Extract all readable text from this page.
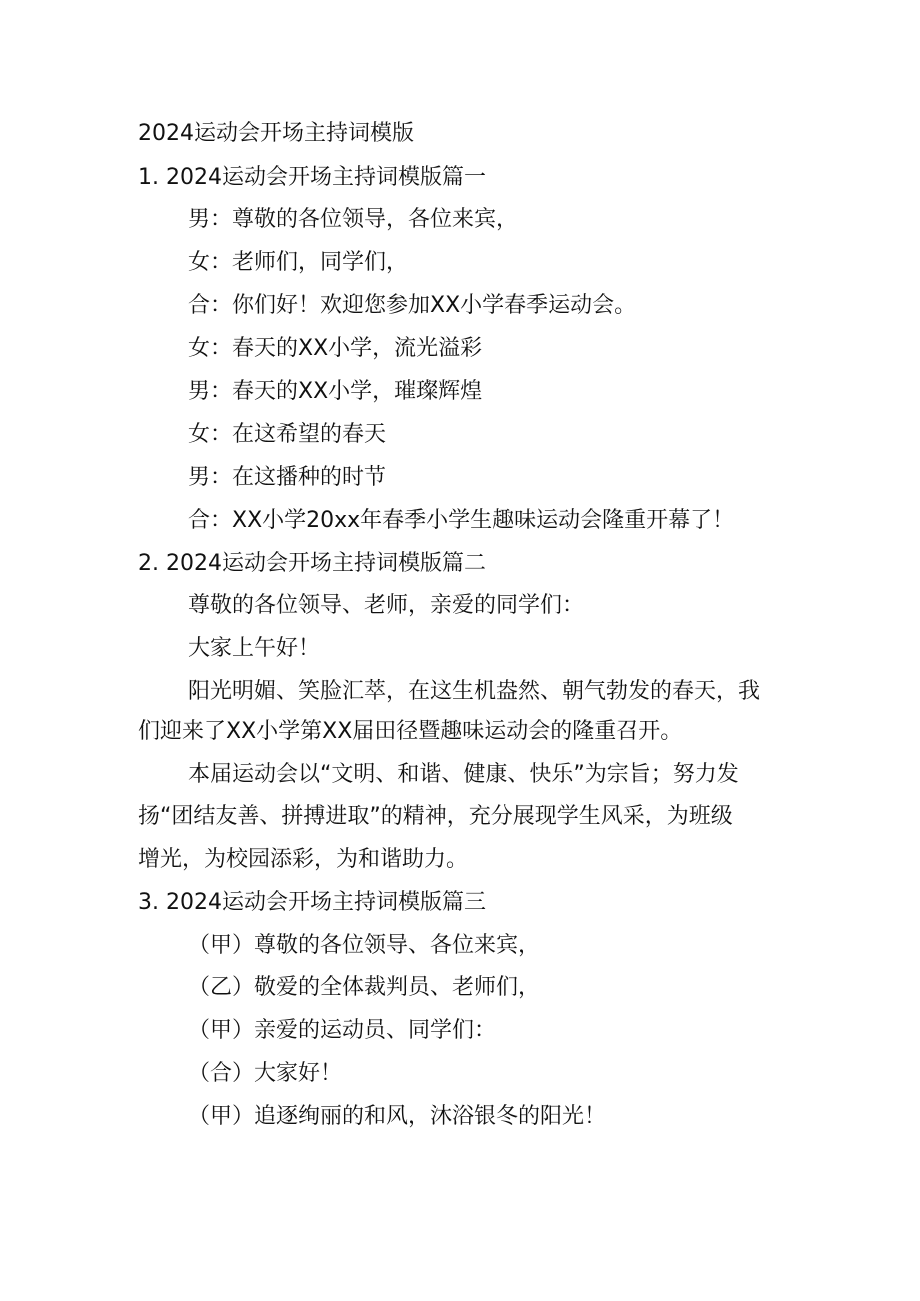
2024运动会开场主持词模版
1. 2024运动会开场主持词模版篇一
男：尊敬的各位领导，各位来宾，
女：老师们，同学们，
合：你们好！欢迎您参加XX小学春季运动会。
女：春天的XX小学，流光溢彩
男：春天的XX小学，璀璨辉煌
女：在这希望的春天
男：在这播种的时节
合：XX小学20xx年春季小学生趣味运动会隆重开幕了！
2. 2024运动会开场主持词模版篇二
尊敬的各位领导、老师，亲爱的同学们：
大家上午好！
阳光明媚、笑脸汇萃，在这生机盎然、朝气勃发的春天，我
们迎来了XX小学第XX届田径暨趣味运动会的隆重召开。
本届运动会以“文明、和谐、健康、快乐”为宗旨；努力发
扬“团结友善、拼搏进取”的精神，充分展现学生风采，为班级
增光，为校园添彩，为和谐助力。
3. 2024运动会开场主持词模版篇三
（甲）尊敬的各位领导、各位来宾，
（乙）敬爱的全体裁判员、老师们，
（甲）亲爱的运动员、同学们：
（合）大家好！
（甲）追逐绚丽的和风，沐浴银冬的阳光！
